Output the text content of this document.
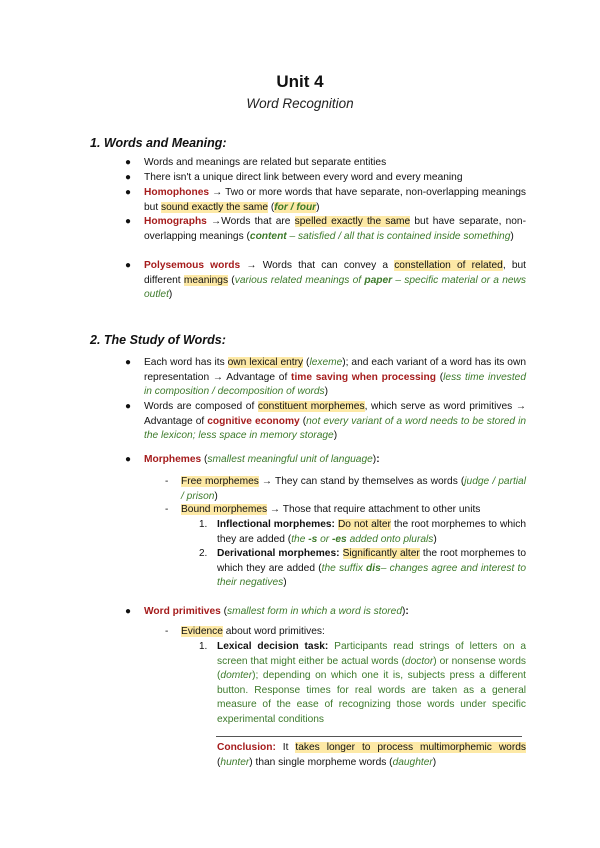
Unit 4
Word Recognition
1. Words and Meaning:
● Words and meanings are related but separate entities
● There isn't a unique direct link between every word and every meaning
● Homophones → Two or more words that have separate, non-overlapping meanings but sound exactly the same (for / four)
● Homographs →Words that are spelled exactly the same but have separate, non-overlapping meanings (content – satisfied / all that is contained inside something)
● Polysemous words → Words that can convey a constellation of related, but different meanings (various related meanings of paper – specific material or a news outlet)
2. The Study of Words:
● Each word has its own lexical entry (lexeme); and each variant of a word has its own representation → Advantage of time saving when processing (less time invested in composition / decomposition of words)
● Words are composed of constituent morphemes, which serve as word primitives → Advantage of cognitive economy (not every variant of a word needs to be stored in the lexicon; less space in memory storage)
● Morphemes (smallest meaningful unit of language):
- Free morphemes → They can stand by themselves as words (judge / partial / prison)
- Bound morphemes → Those that require attachment to other units
1. Inflectional morphemes: Do not alter the root morphemes to which they are added (the -s or -es added onto plurals)
2. Derivational morphemes: Significantly alter the root morphemes to which they are added (the suffix dis– changes agree and interest to their negatives)
● Word primitives (smallest form in which a word is stored):
- Evidence about word primitives:
1. Lexical decision task: Participants read strings of letters on a screen that might either be actual words (doctor) or nonsense words (domter); depending on which one it is, subjects press a different button. Response times for real words are taken as a general measure of the ease of recognizing those words under specific experimental conditions
Conclusion: It takes longer to process multimorphemic words (hunter) than single morpheme words (daughter)
